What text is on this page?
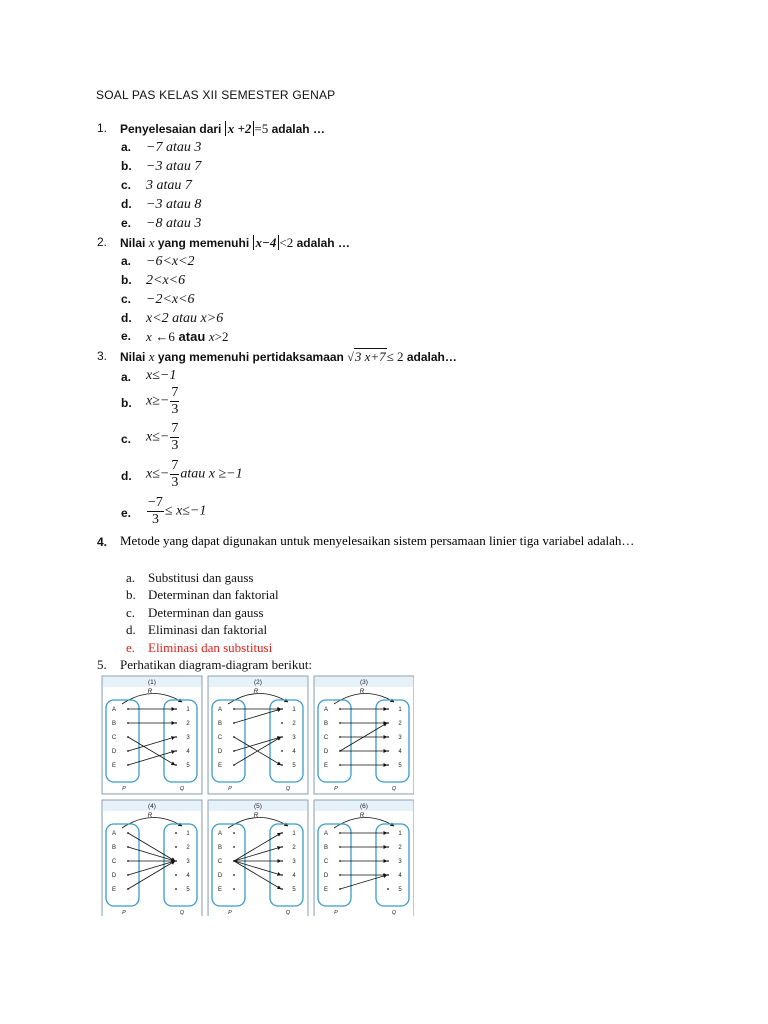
SOAL PAS KELAS XII SEMESTER GENAP
1. Penyelesaian dari x +2 =5 adalah …
a. −7 atau 3
b. −3 atau 7
c. 3 atau 7
d. −3 atau 8
e. −8 atau 3
2. Nilai x yang memenuhi x−4 <2 adalah …
a. −6<x<2
b. 2<x<6
c. −2<x<6
d. x<2 atau x>6
e. x ←6 atau x>2
3. Nilai x yang memenuhi pertidaksamaan √3 x+7≤ 2 adalah…
a. x≤−1
b. $x\ge- \frac{7}{3}$
c. $x\le- \frac{7}{3}$
d. $x\le- \frac{7}{3}$ atau x ≥−1
e. $\frac{-7}{3} \le x\le-1$
4. Metode yang dapat digunakan untuk menyelesaikan sistem persamaan linier tiga variabel adalah…
a. Substitusi dan gauss
b. Determinan dan faktorial
c. Determinan dan gauss
d. Eliminasi dan faktorial
e. Eliminasi dan substitusi
5. Perhatikan diagram-diagram berikut:
(1)
R
A
B
C
D
E
1
2
3
4
5
P	Q
(2)
R
A
B
C
D
E
1
2
3
4
5
P	Q
(3)
R
A
B
C
D
E
1
2
3
4
5
P	Q
(4)
R
A
B
C
D
E
1
2
3
4
5
P	Q
(5)
R
A
B
C
D
E
1
2
3
4
5
P	Q
(6)
R
A
B
C
D
E
1
2
3
4
5
P	Q
